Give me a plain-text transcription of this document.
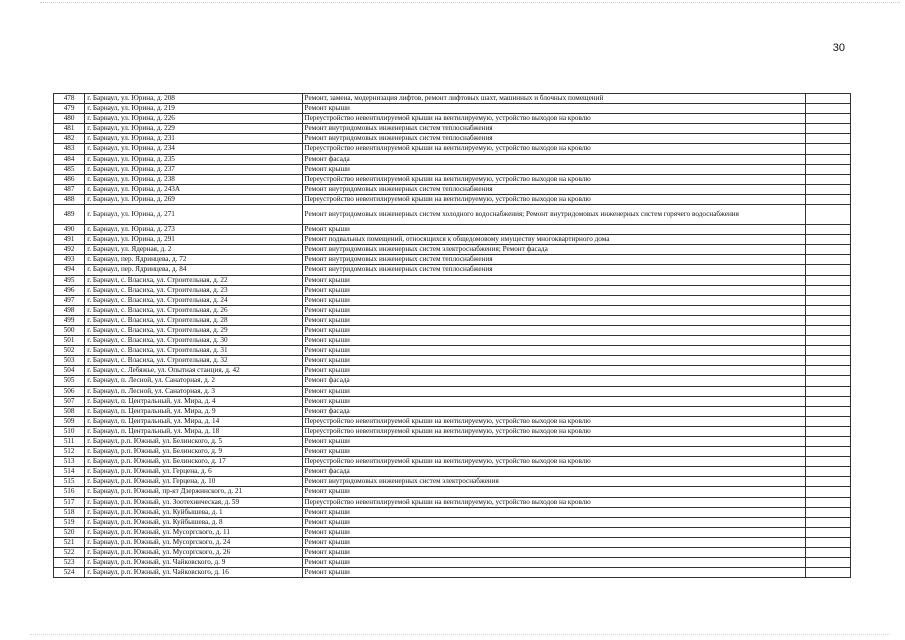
30
478	г. Барнаул, ул. Юрина, д. 208	Ремонт, замена, модернизация лифтов, ремонт лифтовых шахт, машинных и блочных помещений	
479	г. Барнаул, ул. Юрина, д. 219	Ремонт крыши	
480	г. Барнаул, ул. Юрина, д. 226	Переустройство невентилируемой крыши на вентилируемую, устройство выходов на кровлю	
481	г. Барнаул, ул. Юрина, д. 229	Ремонт внутридомовых инженерных систем теплоснабжения	
482	г. Барнаул, ул. Юрина, д. 231	Ремонт внутридомовых инженерных систем теплоснабжения	
483	г. Барнаул, ул. Юрина, д. 234	Переустройство невентилируемой крыши на вентилируемую, устройство выходов на кровлю	
484	г. Барнаул, ул. Юрина, д. 235	Ремонт фасада	
485	г. Барнаул, ул. Юрина, д. 237	Ремонт крыши	
486	г. Барнаул, ул. Юрина, д. 238	Переустройство невентилируемой крыши на вентилируемую, устройство выходов на кровлю	
487	г. Барнаул, ул. Юрина, д. 243А	Ремонт внутридомовых инженерных систем теплоснабжения	
488	г. Барнаул, ул. Юрина, д. 269	Переустройство невентилируемой крыши на вентилируемую, устройство выходов на кровлю	
489	г. Барнаул, ул. Юрина, д. 271	Ремонт внутридомовых инженерных систем холодного водоснабжения; Ремонт внутридомовых инженерных систем горячего водоснабжения	
490	г. Барнаул, ул. Юрина, д. 273	Ремонт крыши	
491	г. Барнаул, ул. Юрина, д. 291	Ремонт подвальных помещений, относящихся к общедомовому имуществу многоквартирного дома	
492	г. Барнаул, ул. Ядерная, д. 2	Ремонт внутридомовых инженерных систем электроснабжения; Ремонт фасада	
493	г. Барнаул, пер. Ядринцева, д. 72	Ремонт внутридомовых инженерных систем теплоснабжения	
494	г. Барнаул, пер. Ядринцева, д. 84	Ремонт внутридомовых инженерных систем теплоснабжения	
495	г. Барнаул, с. Власиха, ул. Строительная, д. 22	Ремонт крыши	
496	г. Барнаул, с. Власиха, ул. Строительная, д. 23	Ремонт крыши	
497	г. Барнаул, с. Власиха, ул. Строительная, д. 24	Ремонт крыши	
498	г. Барнаул, с. Власиха, ул. Строительная, д. 26	Ремонт крыши	
499	г. Барнаул, с. Власиха, ул. Строительная, д. 28	Ремонт крыши	
500	г. Барнаул, с. Власиха, ул. Строительная, д. 29	Ремонт крыши	
501	г. Барнаул, с. Власиха, ул. Строительная, д. 30	Ремонт крыши	
502	г. Барнаул, с. Власиха, ул. Строительная, д. 31	Ремонт крыши	
503	г. Барнаул, с. Власиха, ул. Строительная, д. 32	Ремонт крыши	
504	г. Барнаул, с. Лебяжье, ул. Опытная станция, д. 42	Ремонт крыши	
505	г. Барнаул, п. Лесной, ул. Санаторная, д. 2	Ремонт фасада	
506	г. Барнаул, п. Лесной, ул. Санаторная, д. 3	Ремонт крыши	
507	г. Барнаул, п. Центральный, ул. Мира, д. 4	Ремонт крыши	
508	г. Барнаул, п. Центральный, ул. Мира, д. 9	Ремонт фасада	
509	г. Барнаул, п. Центральный, ул. Мира, д. 14	Переустройство невентилируемой крыши на вентилируемую, устройство выходов на кровлю	
510	г. Барнаул, п. Центральный, ул. Мира, д. 18	Переустройство невентилируемой крыши на вентилируемую, устройство выходов на кровлю	
511	г. Барнаул, р.п. Южный, ул. Белинского, д. 5	Ремонт крыши	
512	г. Барнаул, р.п. Южный, ул. Белинского, д. 9	Ремонт крыши	
513	г. Барнаул, р.п. Южный, ул. Белинского, д. 17	Переустройство невентилируемой крыши на вентилируемую, устройство выходов на кровлю	
514	г. Барнаул, р.п. Южный, ул. Герцена, д. 6	Ремонт фасада	
515	г. Барнаул, р.п. Южный, ул. Герцена, д. 10	Ремонт внутридомовых инженерных систем электроснабжения	
516	г. Барнаул, р.п. Южный, пр-кт Дзержинского, д. 21	Ремонт крыши	
517	г. Барнаул, р.п. Южный, ул. Зоотехническая, д. 59	Переустройство невентилируемой крыши на вентилируемую, устройство выходов на кровлю	
518	г. Барнаул, р.п. Южный, ул. Куйбышева, д. 1	Ремонт крыши	
519	г. Барнаул, р.п. Южный, ул. Куйбышева, д. 8	Ремонт крыши	
520	г. Барнаул, р.п. Южный, ул. Мусоргского, д. 11	Ремонт крыши	
521	г. Барнаул, р.п. Южный, ул. Мусоргского, д. 24	Ремонт крыши	
522	г. Барнаул, р.п. Южный, ул. Мусоргского, д. 26	Ремонт крыши	
523	г. Барнаул, р.п. Южный, ул. Чайковского, д. 9	Ремонт крыши	
524	г. Барнаул, р.п. Южный, ул. Чайковского, д. 16	Ремонт крыши	
